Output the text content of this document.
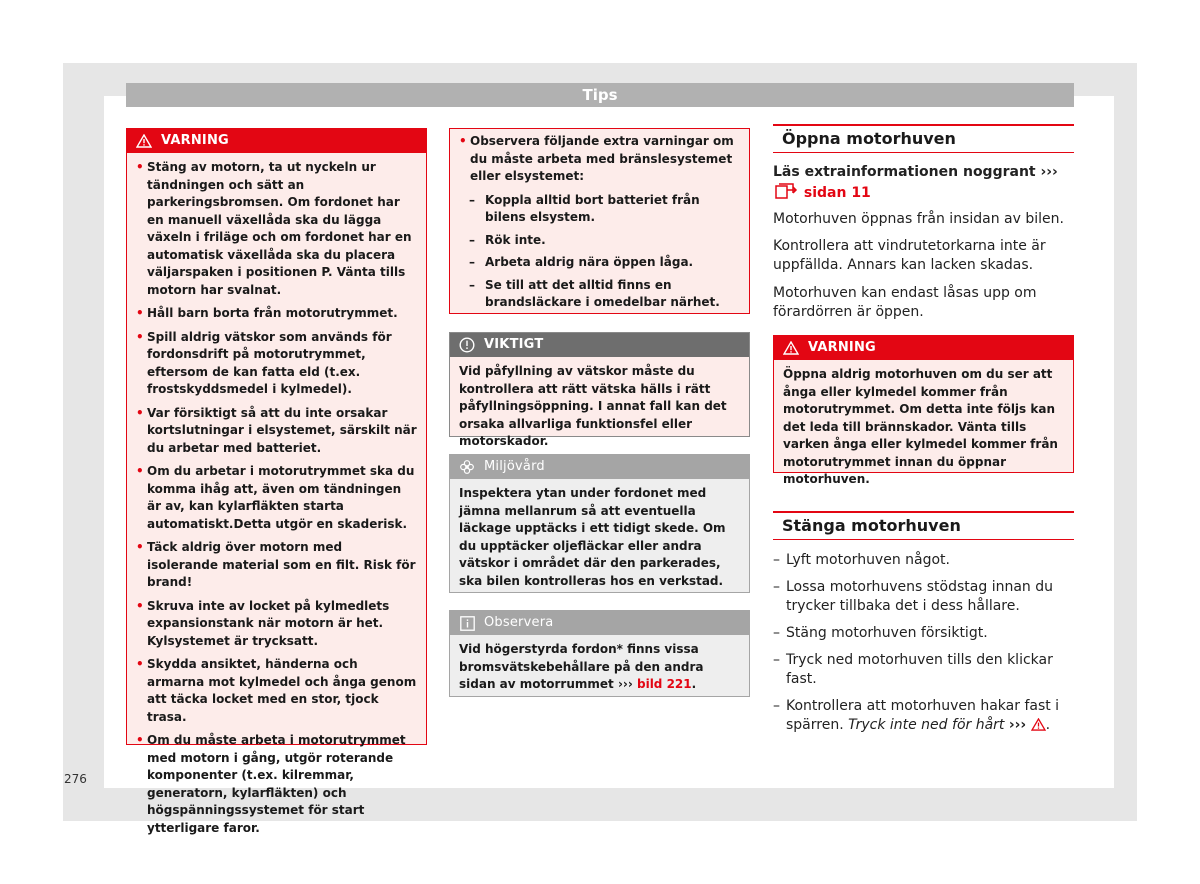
Tips
276
VARNING
• Stäng av motorn, ta ut nyckeln ur tändningen och sätt an parkeringsbromsen. Om fordonet har en manuell växellåda ska du lägga växeln i friläge och om fordonet har en automatisk växellåda ska du placera väljarspaken i positionen P. Vänta tills motorn har svalnat.
• Håll barn borta från motorutrymmet.
• Spill aldrig vätskor som används för fordonsdrift på motorutrymmet, eftersom de kan fatta eld (t.ex. frostskyddsmedel i kylmedel).
• Var försiktigt så att du inte orsakar kortslutningar i elsystemet, särskilt när du arbetar med batteriet.
• Om du arbetar i motorutrymmet ska du komma ihåg att, även om tändningen är av, kan kylarfläkten starta automatiskt.Detta utgör en skaderisk.
• Täck aldrig över motorn med isolerande material som en filt. Risk för brand!
• Skruva inte av locket på kylmedlets expansionstank när motorn är het. Kylsystemet är trycksatt.
• Skydda ansiktet, händerna och armarna mot kylmedel och ånga genom att täcka locket med en stor, tjock trasa.
• Om du måste arbeta i motorutrymmet med motorn i gång, utgör roterande komponenter (t.ex. kilremmar, generatorn, kylarfläkten) och högspänningssystemet för start ytterligare faror.
• Observera följande extra varningar om du måste arbeta med bränslesystemet eller elsystemet:
– Koppla alltid bort batteriet från bilens elsystem.
– Rök inte.
– Arbeta aldrig nära öppen låga.
– Se till att det alltid finns en brandsläckare i omedelbar närhet.
VIKTIGT
Vid påfyllning av vätskor måste du kontrollera att rätt vätska hälls i rätt påfyllningsöppning. I annat fall kan det orsaka allvarliga funktionsfel eller motorskador.
Miljövård
Inspektera ytan under fordonet med jämna mellanrum så att eventuella läckage upptäcks i ett tidigt skede. Om du upptäcker oljefläckar eller andra vätskor i området där den parkerades, ska bilen kontrolleras hos en verkstad.
Observera
Vid högerstyrda fordon* finns vissa bromsvätskebehållare på den andra sidan av motorrummet ››› bild 221.
Öppna motorhuven
Läs extrainformationen noggrant ›››  sidan 11

Motorhuven öppnas från insidan av bilen.

Kontrollera att vindrutetorkarna inte är uppfällda. Annars kan lacken skadas.

Motorhuven kan endast låsas upp om förardörren är öppen.

VARNING
Öppna aldrig motorhuven om du ser att ånga eller kylmedel kommer från motorutrymmet. Om detta inte följs kan det leda till brännskador. Vänta tills varken ånga eller kylmedel kommer från motorutrymmet innan du öppnar motorhuven.
Stänga motorhuven
– Lyft motorhuven något.
– Lossa motorhuvens stödstag innan du trycker tillbaka det i dess hållare.
– Stäng motorhuven försiktigt.
– Tryck ned motorhuven tills den klickar fast.
– Kontrollera att motorhuven hakar fast i spärren. Tryck inte ned för hårt ››› .
